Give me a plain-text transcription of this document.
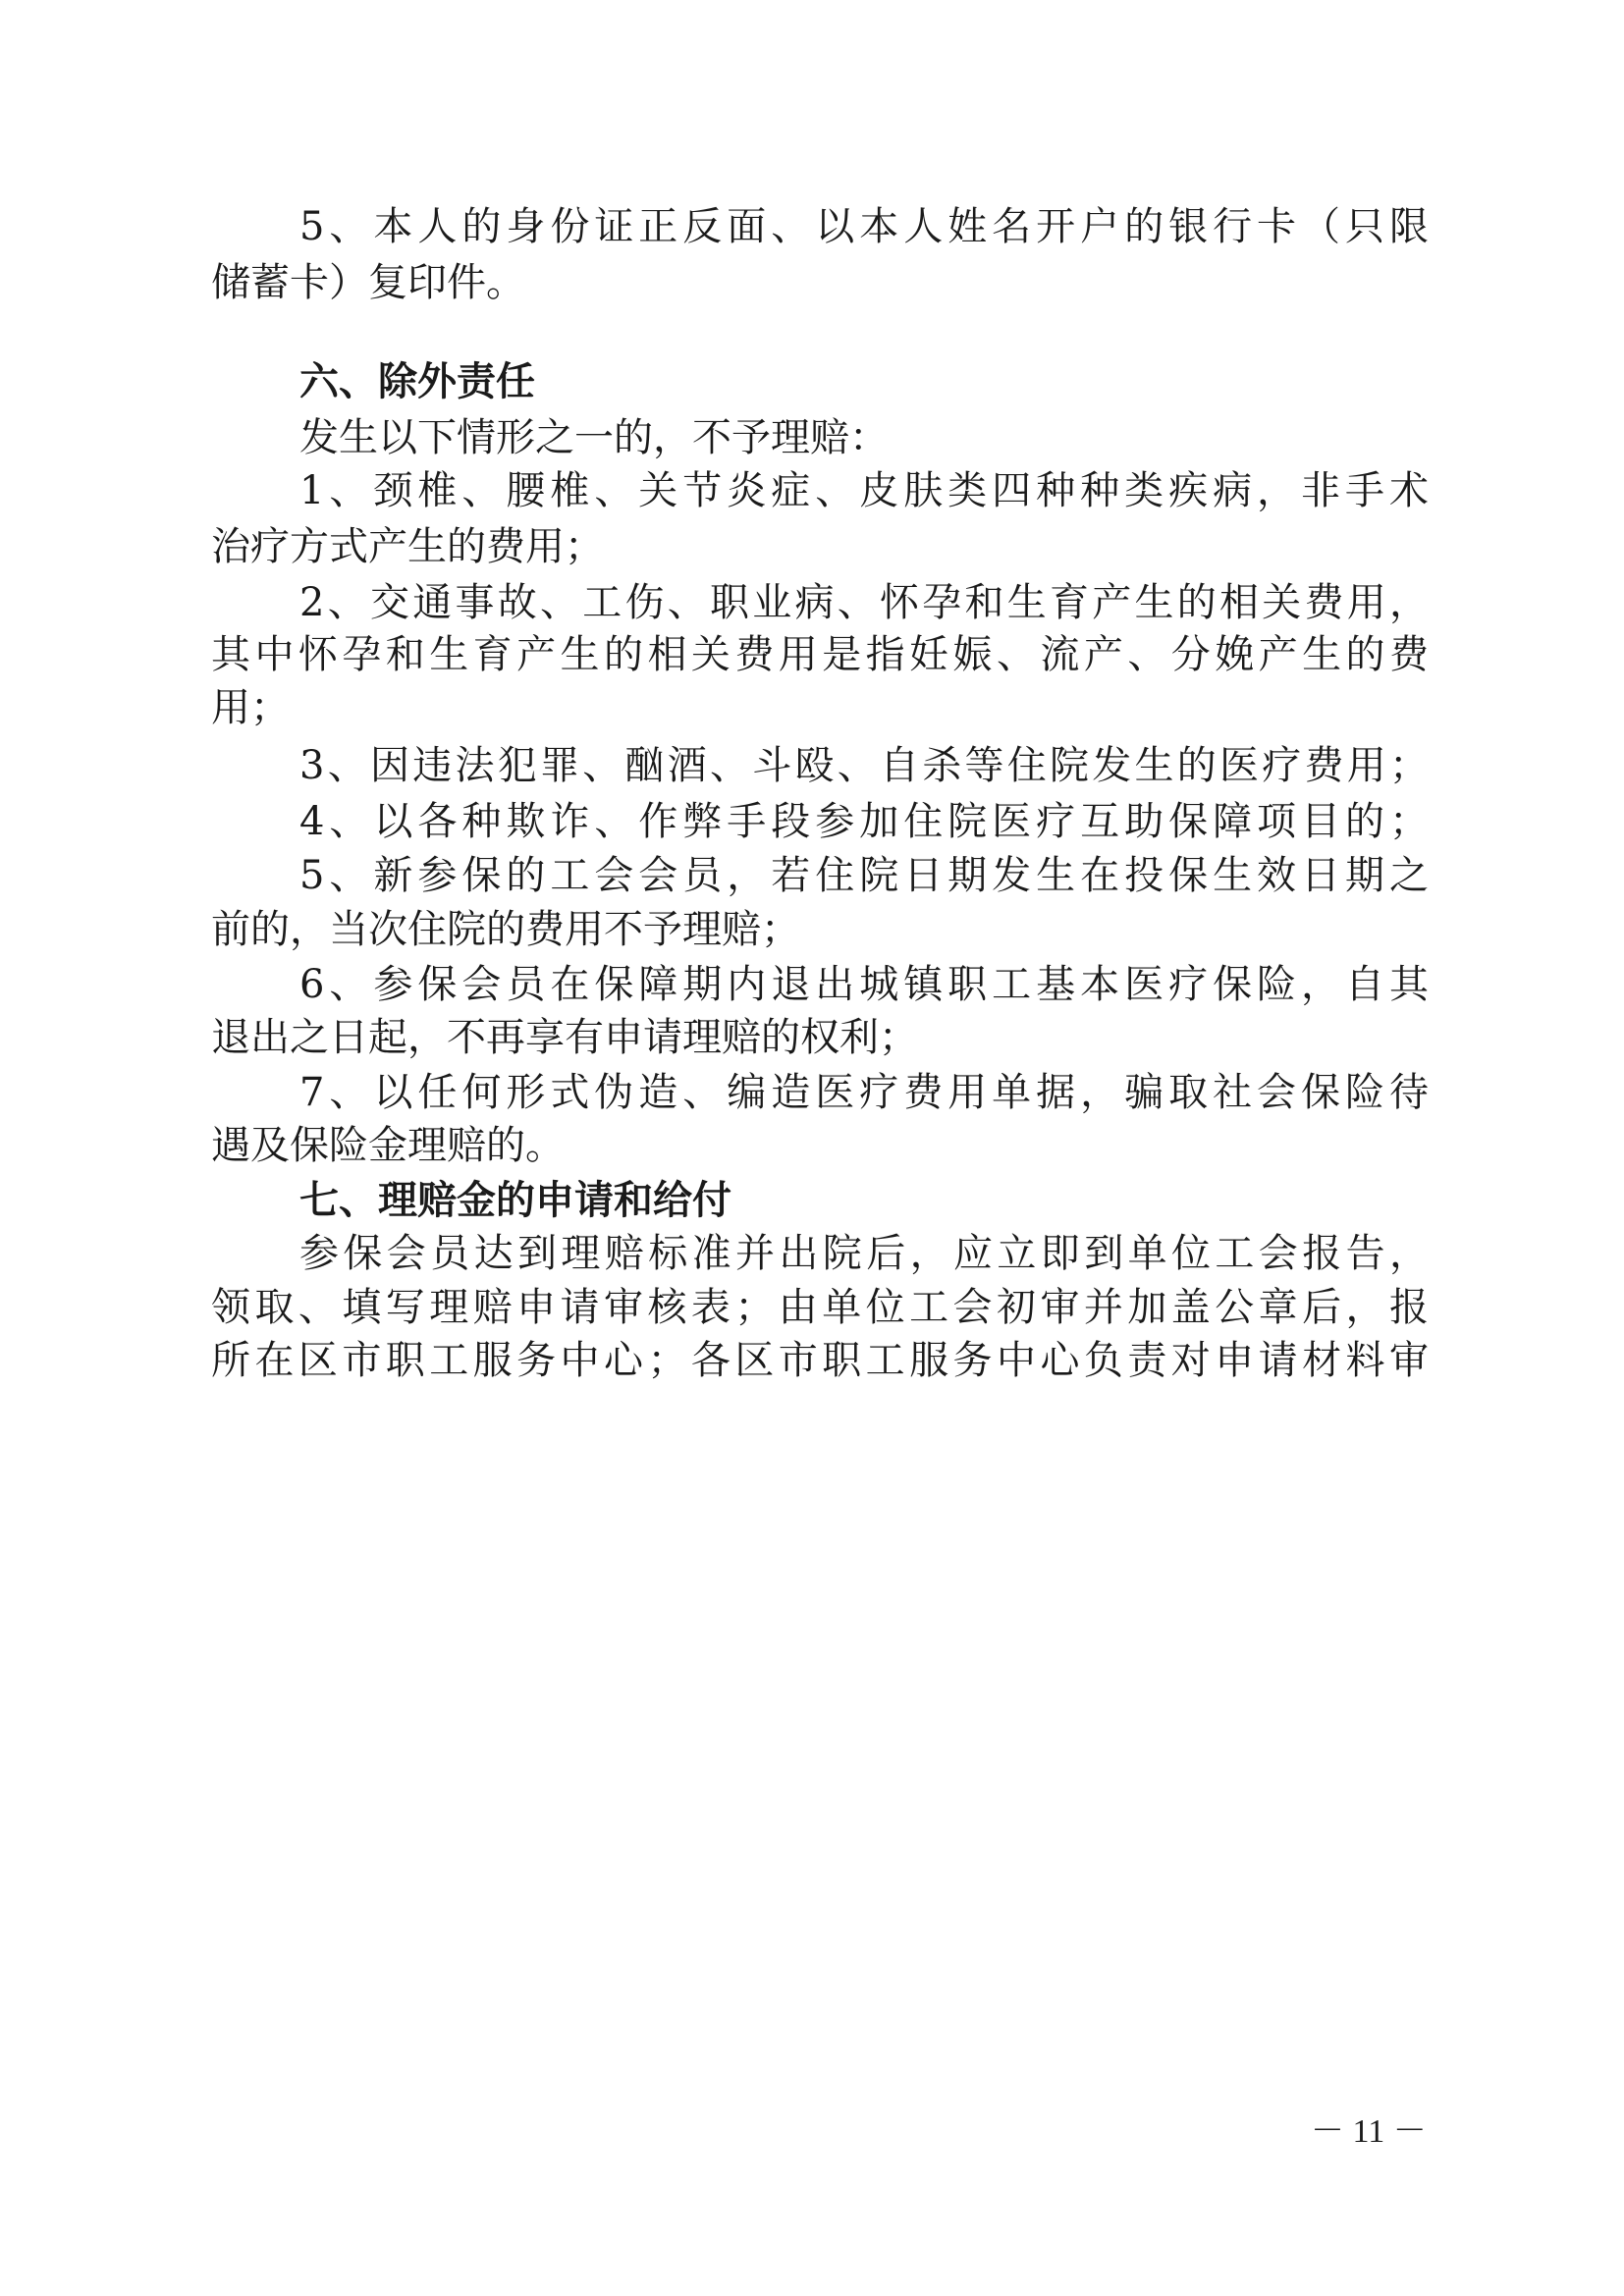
5、本人的身份证正反面、以本人姓名开户的银行卡（只限
储蓄卡）复印件。
六、除外责任
发生以下情形之一的，不予理赔：
1、颈椎、腰椎、关节炎症、皮肤类四种种类疾病，非手术
治疗方式产生的费用；
2、交通事故、工伤、职业病、怀孕和生育产生的相关费用，
其中怀孕和生育产生的相关费用是指妊娠、流产、分娩产生的费
用；
3、因违法犯罪、酗酒、斗殴、自杀等住院发生的医疗费用；
4、以各种欺诈、作弊手段参加住院医疗互助保障项目的；
5、新参保的工会会员，若住院日期发生在投保生效日期之
前的，当次住院的费用不予理赔；
6、参保会员在保障期内退出城镇职工基本医疗保险，自其
退出之日起，不再享有申请理赔的权利；
7、以任何形式伪造、编造医疗费用单据，骗取社会保险待
遇及保险金理赔的。
七、理赔金的申请和给付
参保会员达到理赔标准并出院后，应立即到单位工会报告，
领取、填写理赔申请审核表；由单位工会初审并加盖公章后，报
所在区市职工服务中心；各区市职工服务中心负责对申请材料审
－ 11 －
